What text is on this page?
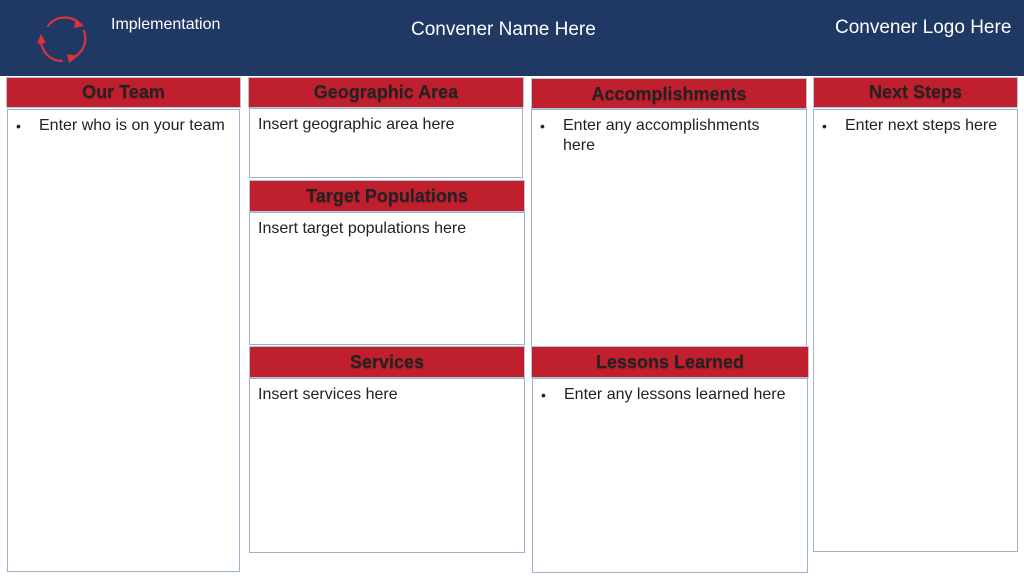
Implementation	Convener Name Here	Convener Logo Here
Our Team
• Enter who is on your team
Geographic Area
Insert geographic area here
Target Populations
Insert target populations here
Services
Insert services here
Accomplishments
• Enter any accomplishments here
Lessons Learned
• Enter any lessons learned here
Next Steps
• Enter next steps here
